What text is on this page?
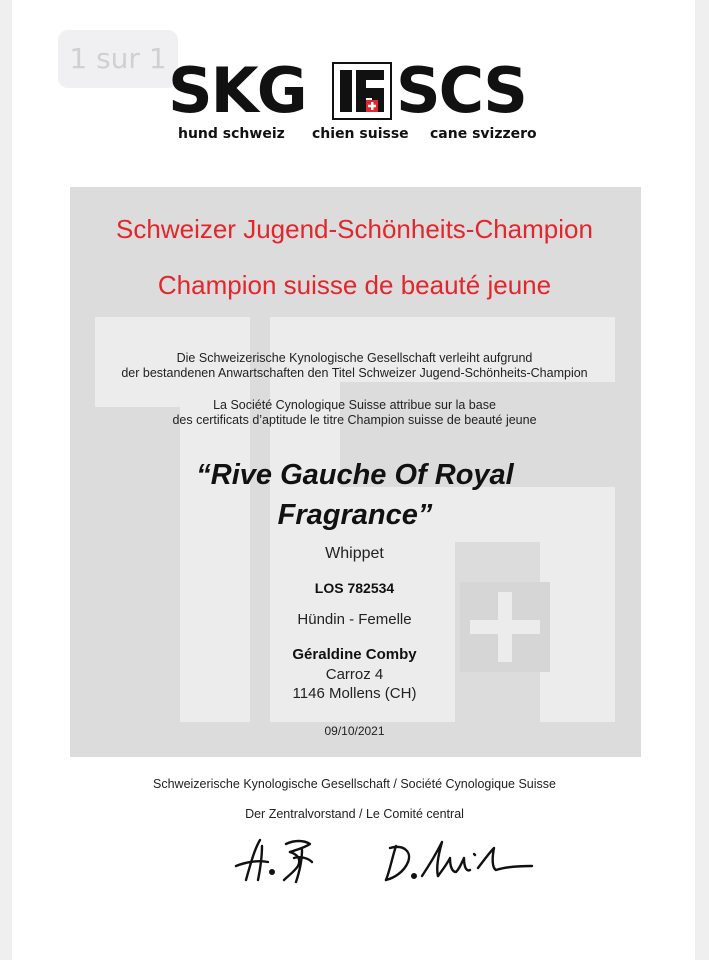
1 sur 1 SKG SCS
hund schweiz chien suisse cane svizzero
Schweizer Jugend-Schönheits-Champion
Champion suisse de beauté jeune
Die Schweizerische Kynologische Gesellschaft verleiht aufgrund
der bestandenen Anwartschaften den Titel Schweizer Jugend-Schönheits-Champion
La Société Cynologique Suisse attribue sur la base
des certificats d’aptitude le titre Champion suisse de beauté jeune
“Rive Gauche Of Royal
Fragrance”
Whippet
LOS 782534
Hündin - Femelle
Géraldine Comby
Carroz 4
1146 Mollens (CH)
09/10/2021
Schweizerische Kynologische Gesellschaft / Société Cynologique Suisse
Der Zentralvorstand / Le Comité central
